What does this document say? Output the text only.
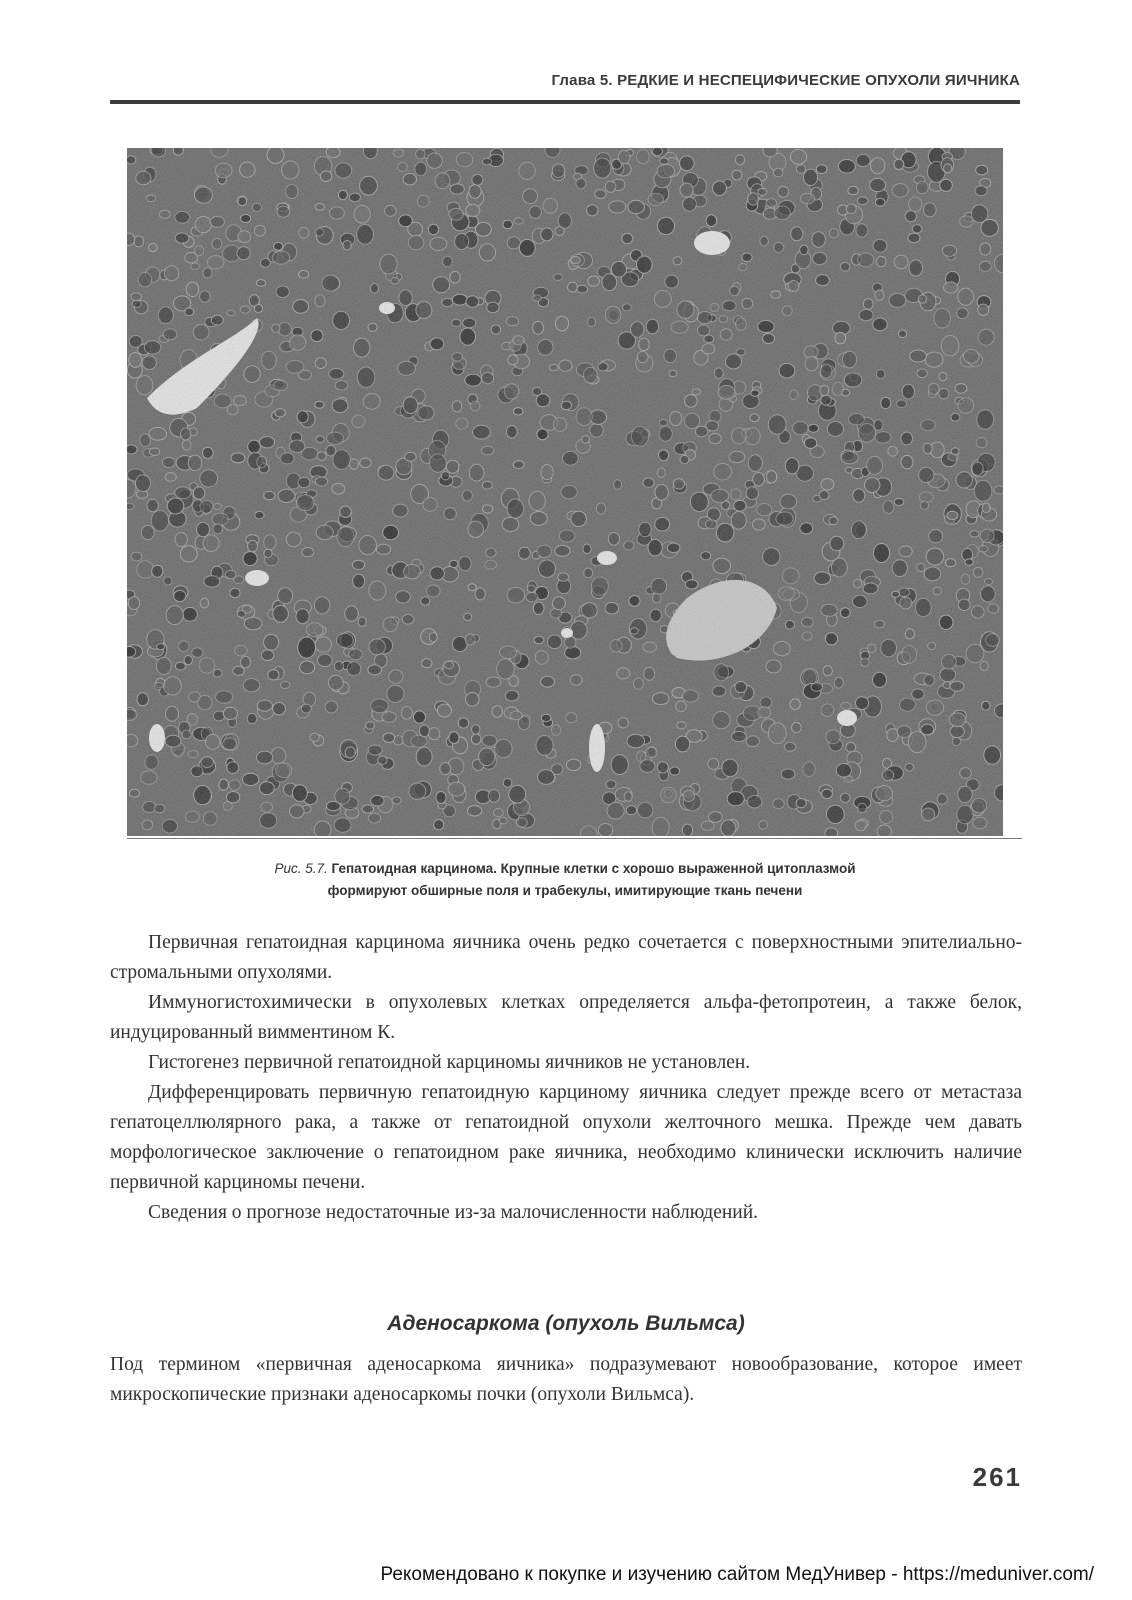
Глава 5. РЕДКИЕ И НЕСПЕЦИФИЧЕСКИЕ ОПУХОЛИ ЯИЧНИКА
Рис. 5.7. Гепатоидная карцинома. Крупные клетки с хорошо выраженной цитоплазмой
формируют обширные поля и трабекулы, имитирующие ткань печени

Первичная гепатоидная карцинома яичника очень редко сочетается с поверхностными эпителиально-стромальными опухолями.

Иммуногистохимически в опухолевых клетках определяется альфа-фетопротеин, а также белок, индуцированный вимментином К.

Гистогенез первичной гепатоидной карциномы яичников не установлен.

Дифференцировать первичную гепатоидную карциному яичника следует прежде всего от метастаза гепатоцеллюлярного рака, а также от гепатоидной опухоли желточного мешка. Прежде чем давать морфологическое заключение о гепатоидном раке яичника, необходимо клинически исключить наличие первичной карциномы печени.

Сведения о прогнозе недостаточные из-за малочисленности наблюдений.

Аденосаркома (опухоль Вильмса)

Под термином «первичная аденосаркома яичника» подразумевают новообразование, которое имеет микроскопические признаки аденосаркомы почки (опухоли Вильмса).

261
Рекомендовано к покупке и изучению сайтом МедУнивер - https://meduniver.com/
